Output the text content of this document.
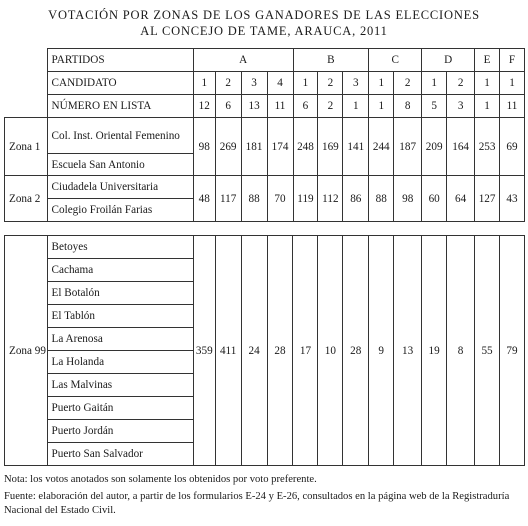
VOTACIÓN POR ZONAS DE LOS GANADORES DE LAS ELECCIONES
AL CONCEJO DE TAME, ARAUCA, 2011
	PARTIDOS	A				B			C		D		E	F
	CANDIDATO	1	2	3	4	1	2	3	1	2	1	2	1	1
	NÚMERO EN LISTA	12	6	13	11	6	2	1	1	8	5	3	1	11
Zona 1	Col. Inst. Oriental Femenino	98	269	181	174	248	169	141	244	187	209	164	253	69
	Escuela San Antonio													
Zona 2	Ciudadela Universitaria	48	117	88	70	119	112	86	88	98	60	64	127	43
	Colegio Froilán Farias													
Zona 99	Betoyes	359	411	24	28	17	10	28	9	13	19	8	55	79
Cachama
El Botalón
El Tablón
La Arenosa
La Holanda
Las Malvinas
Puerto Gaitán
Puerto Jordán
Puerto San Salvador
Nota: los votos anotados son solamente los obtenidos por voto preferente.
Fuente: elaboración del autor, a partir de los formularios E-24 y E-26, consultados en la página web de la Registraduría Nacional del Estado Civil.
